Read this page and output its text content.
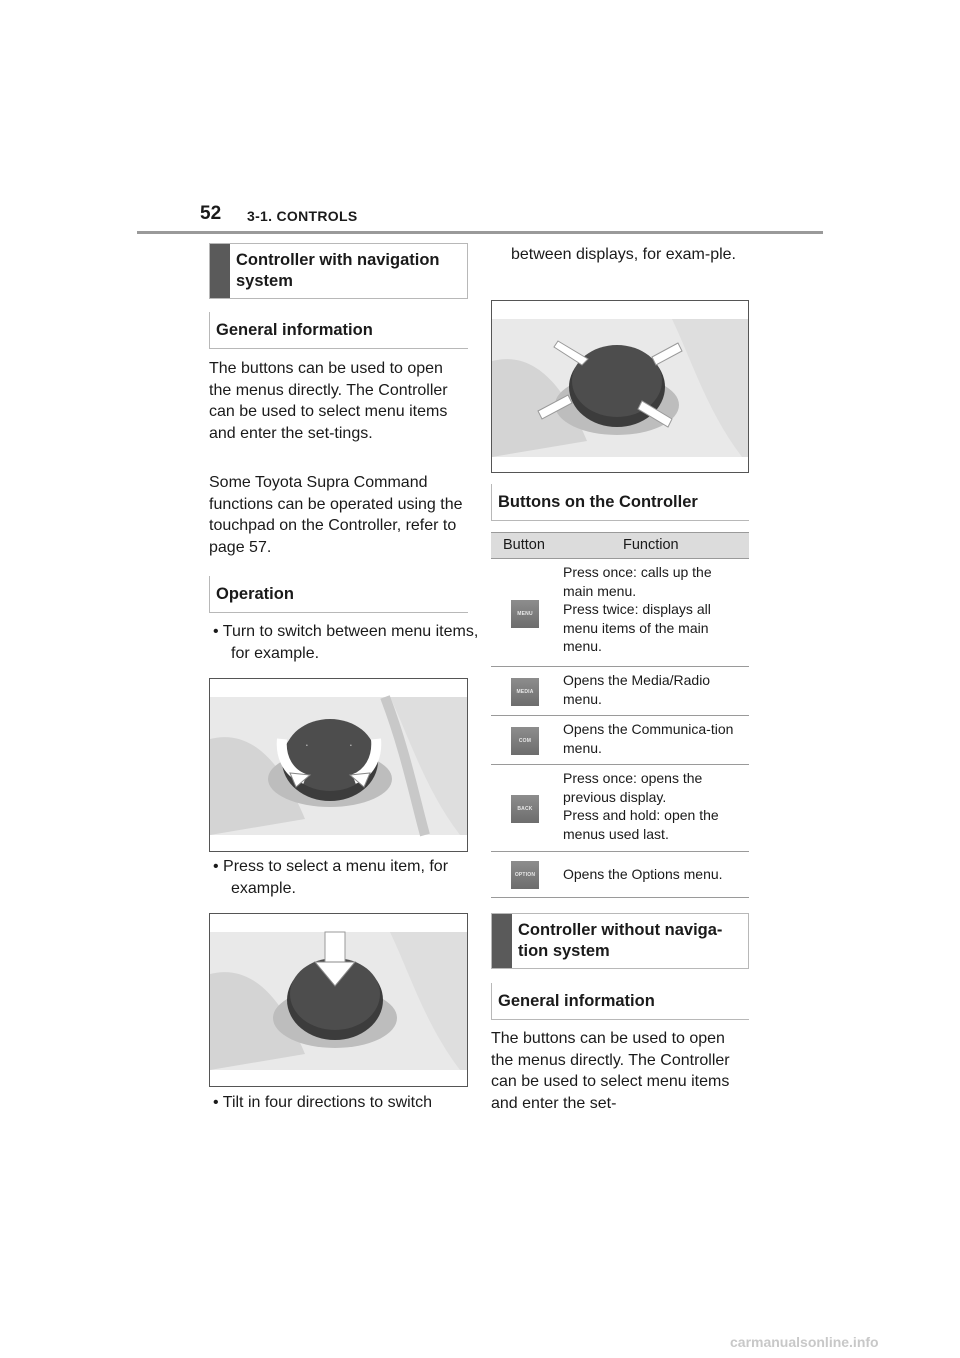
52 3-1. CONTROLS
Controller with navigation system
General information
The buttons can be used to open the menus directly. The Controller can be used to select menu items and enter the set-tings.
Some Toyota Supra Command functions can be operated using the touchpad on the Controller, refer to page 57.
Operation
• Turn to switch between menu items, for example.
•	•
• Press to select a menu item, for example.
• Tilt in four directions to switch
between displays, for exam-ple.
Buttons on the Controller
Button	Function
MENU
Press once: calls up the main menu.
Press twice: displays all menu items of the main menu.
MEDIA
Opens the Media/Radio menu.
COM
Opens the Communica-tion menu.
BACK
Press once: opens the previous display.
Press and hold: open the menus used last.
OPTION Opens the Options menu.
Controller without naviga-tion system
General information
The buttons can be used to open the menus directly. The Controller can be used to select menu items and enter the set-
carmanualsonline.info
